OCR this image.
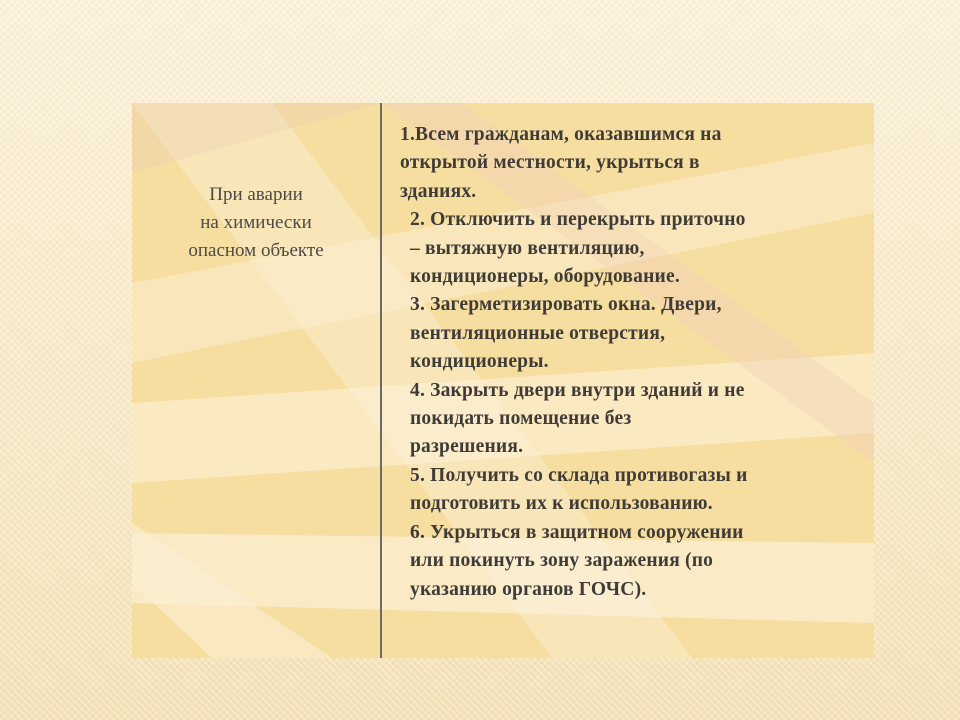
При аварии
на химически
опасном объекте

1.Всем гражданам, оказавшимся на
открытой местности, укрыться в
зданиях.

2. Отключить и перекрыть приточно
– вытяжную вентиляцию,
кондиционеры, оборудование.

3. Загерметизировать окна. Двери,
вентиляционные отверстия,
кондиционеры.

4. Закрыть двери внутри зданий и не
покидать помещение без
разрешения.

5. Получить со склада противогазы и
подготовить их к использованию.

6. Укрыться в защитном сооружении
или покинуть зону заражения (по
указанию органов ГОЧС).
